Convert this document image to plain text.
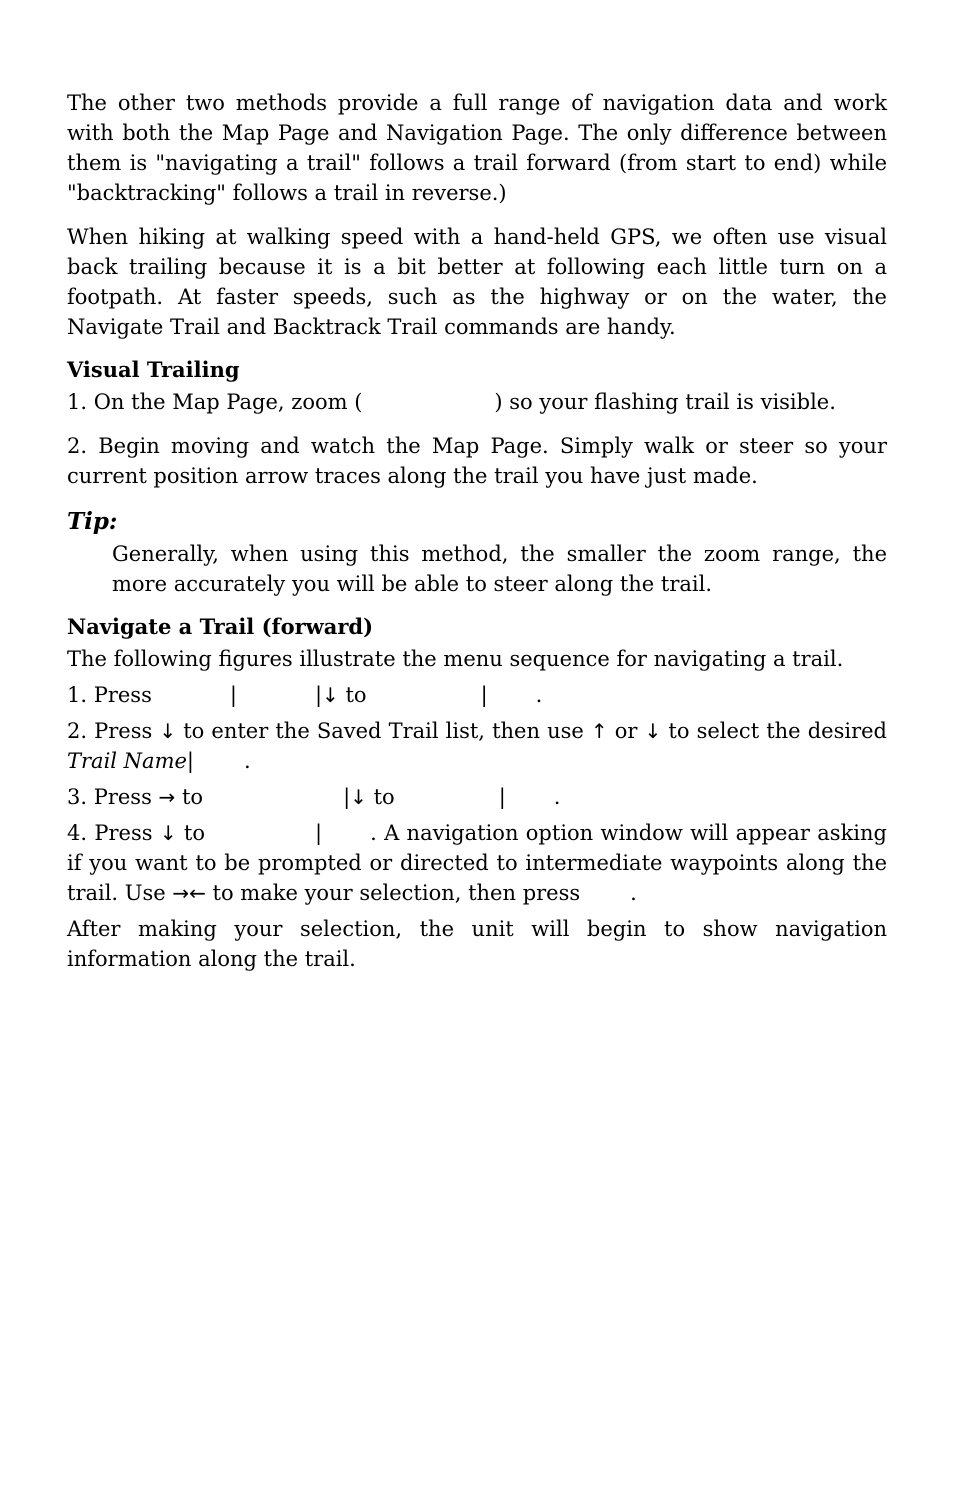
The other two methods provide a full range of navigation data and work with both the Map Page and Navigation Page. The only difference between them is "navigating a trail" follows a trail forward (from start to end) while "backtracking" follows a trail in reverse.)

When hiking at walking speed with a hand-held GPS, we often use visual back trailing because it is a bit better at following each little turn on a footpath. At faster speeds, such as the highway or on the water, the Navigate Trail and Backtrack Trail commands are handy.

Visual Trailing

1. On the Map Page, zoom (	) so your flashing trail is visible.

2. Begin moving and watch the Map Page. Simply walk or steer so your current position arrow traces along the trail you have just made.

Tip:

Generally, when using this method, the smaller the zoom range, the more accurately you will be able to steer along the trail.

Navigate a Trail (forward)

The following figures illustrate the menu sequence for navigating a trail.

1. Press	|	|↓ to	| .

2. Press ↓ to enter the Saved Trail list, then use ↑ or ↓ to select the desired Trail Name| .

3. Press → to	|↓ to	| .

4. Press ↓ to	| . A navigation option window will appear asking if you want to be prompted or directed to intermediate waypoints along the trail. Use →← to make your selection, then press .

After making your selection, the unit will begin to show navigation information along the trail.
